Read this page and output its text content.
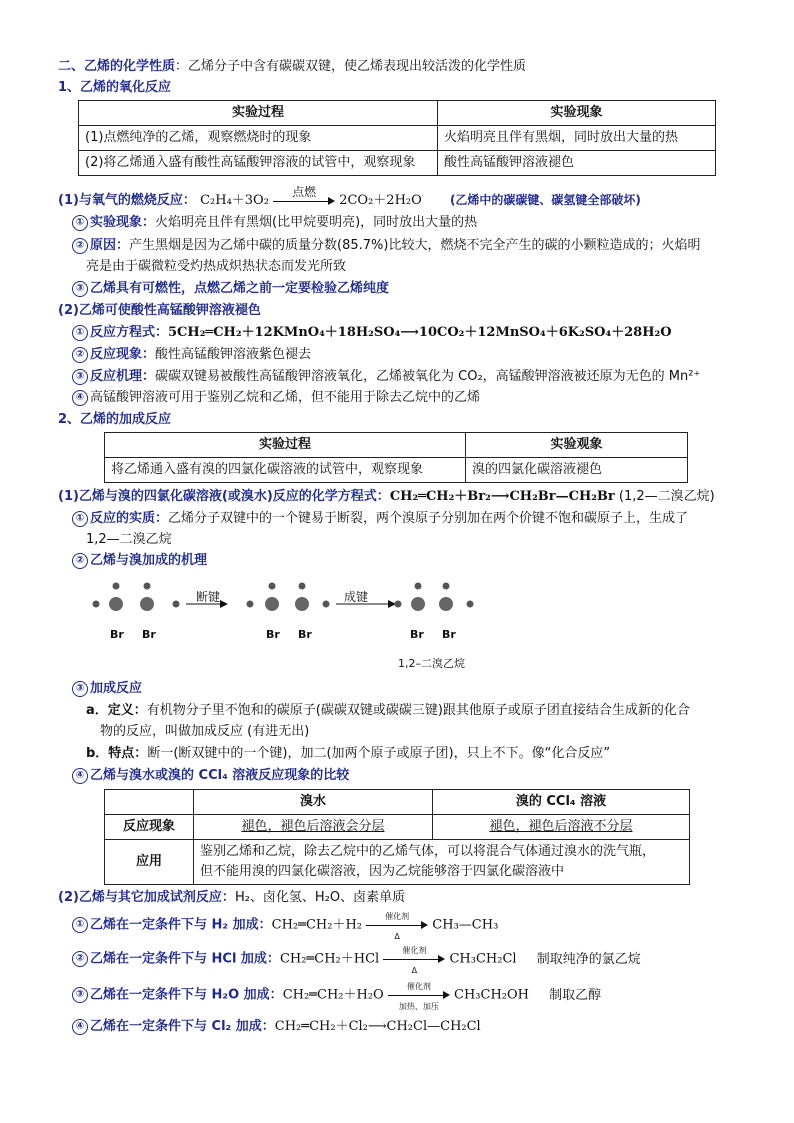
二、乙烯的化学性质：乙烯分子中含有碳碳双键，使乙烯表现出较活泼的化学性质
1、乙烯的氧化反应
实验过程	实验现象
(1)点燃纯净的乙烯，观察燃烧时的现象	火焰明亮且伴有黑烟，同时放出大量的热
(2)将乙烯通入盛有酸性高锰酸钾溶液的试管中，观察现象	酸性高锰酸钾溶液褪色
(1)与氧气的燃烧反应： C₂H₄＋3O₂
点燃
2CO₂＋2H₂O (乙烯中的碳碳键、碳氢键全部破坏)
① 实验现象：火焰明亮且伴有黑烟(比甲烷要明亮)，同时放出大量的热
② 原因：产生黑烟是因为乙烯中碳的质量分数(85.7%)比较大，燃烧不完全产生的碳的小颗粒造成的；火焰明
亮是由于碳微粒受灼热成炽热状态而发光所致
③ 乙烯具有可燃性，点燃乙烯之前一定要检验乙烯纯度
(2)乙烯可使酸性高锰酸钾溶液褪色
① 反应方程式：5CH₂═CH₂＋12KMnO₄＋18H₂SO₄⟶10CO₂＋12MnSO₄＋6K₂SO₄＋28H₂O
② 反应现象：酸性高锰酸钾溶液紫色褪去
③ 反应机理：碳碳双键易被酸性高锰酸钾溶液氧化，乙烯被氧化为 CO₂，高锰酸钾溶液被还原为无色的 Mn²⁺
④ 高锰酸钾溶液可用于鉴别乙烷和乙烯，但不能用于除去乙烷中的乙烯
2、乙烯的加成反应
实验过程	实验观象
将乙烯通入盛有溴的四氯化碳溶液的试管中，观察现象	溴的四氯化碳溶液褪色
(1)乙烯与溴的四氯化碳溶液(或溴水)反应的化学方程式：CH₂═CH₂＋Br₂⟶CH₂Br—CH₂Br (1,2—二溴乙烷)
① 反应的实质：乙烯分子双键中的一个键易于断裂，两个溴原子分别加在两个价键不饱和碳原子上，生成了
1,2—二溴乙烷
② 乙烯与溴加成的机理
断键	成键
Br Br	Br Br	Br Br
1,2–二溴乙烷
③ 加成反应
a．定义：有机物分子里不饱和的碳原子(碳碳双键或碳碳三键)跟其他原子或原子团直接结合生成新的化合
物的反应，叫做加成反应 (有进无出)
b．特点：断一(断双键中的一个键)，加二(加两个原子或原子团)，只上不下。像“化合反应”
④ 乙烯与溴水或溴的 CCl₄ 溶液反应现象的比较
	溴水	溴的 CCl₄ 溶液
反应现象	褪色，褪色后溶液会分层	褪色，褪色后溶液不分层
应用	鉴别乙烯和乙烷，除去乙烷中的乙烯气体，可以将混合气体通过溴水的洗气瓶，
但不能用溴的四氯化碳溶液，因为乙烷能够溶于四氯化碳溶液中	
(2)乙烯与其它加成试剂反应：H₂、卤化氢、H₂O、卤素单质
① 乙烯在一定条件下与 H₂ 加成：CH₂═CH₂＋H₂
催化剂
Δ
CH₃—CH₃
② 乙烯在一定条件下与 HCl 加成：CH₂═CH₂＋HCl
催化剂
Δ
CH₃CH₂Cl 制取纯净的氯乙烷
③ 乙烯在一定条件下与 H₂O 加成：CH₂═CH₂＋H₂O
催化剂
加热、加压
CH₃CH₂OH 制取乙醇
④ 乙烯在一定条件下与 Cl₂ 加成：CH₂═CH₂＋Cl₂⟶CH₂Cl—CH₂Cl
